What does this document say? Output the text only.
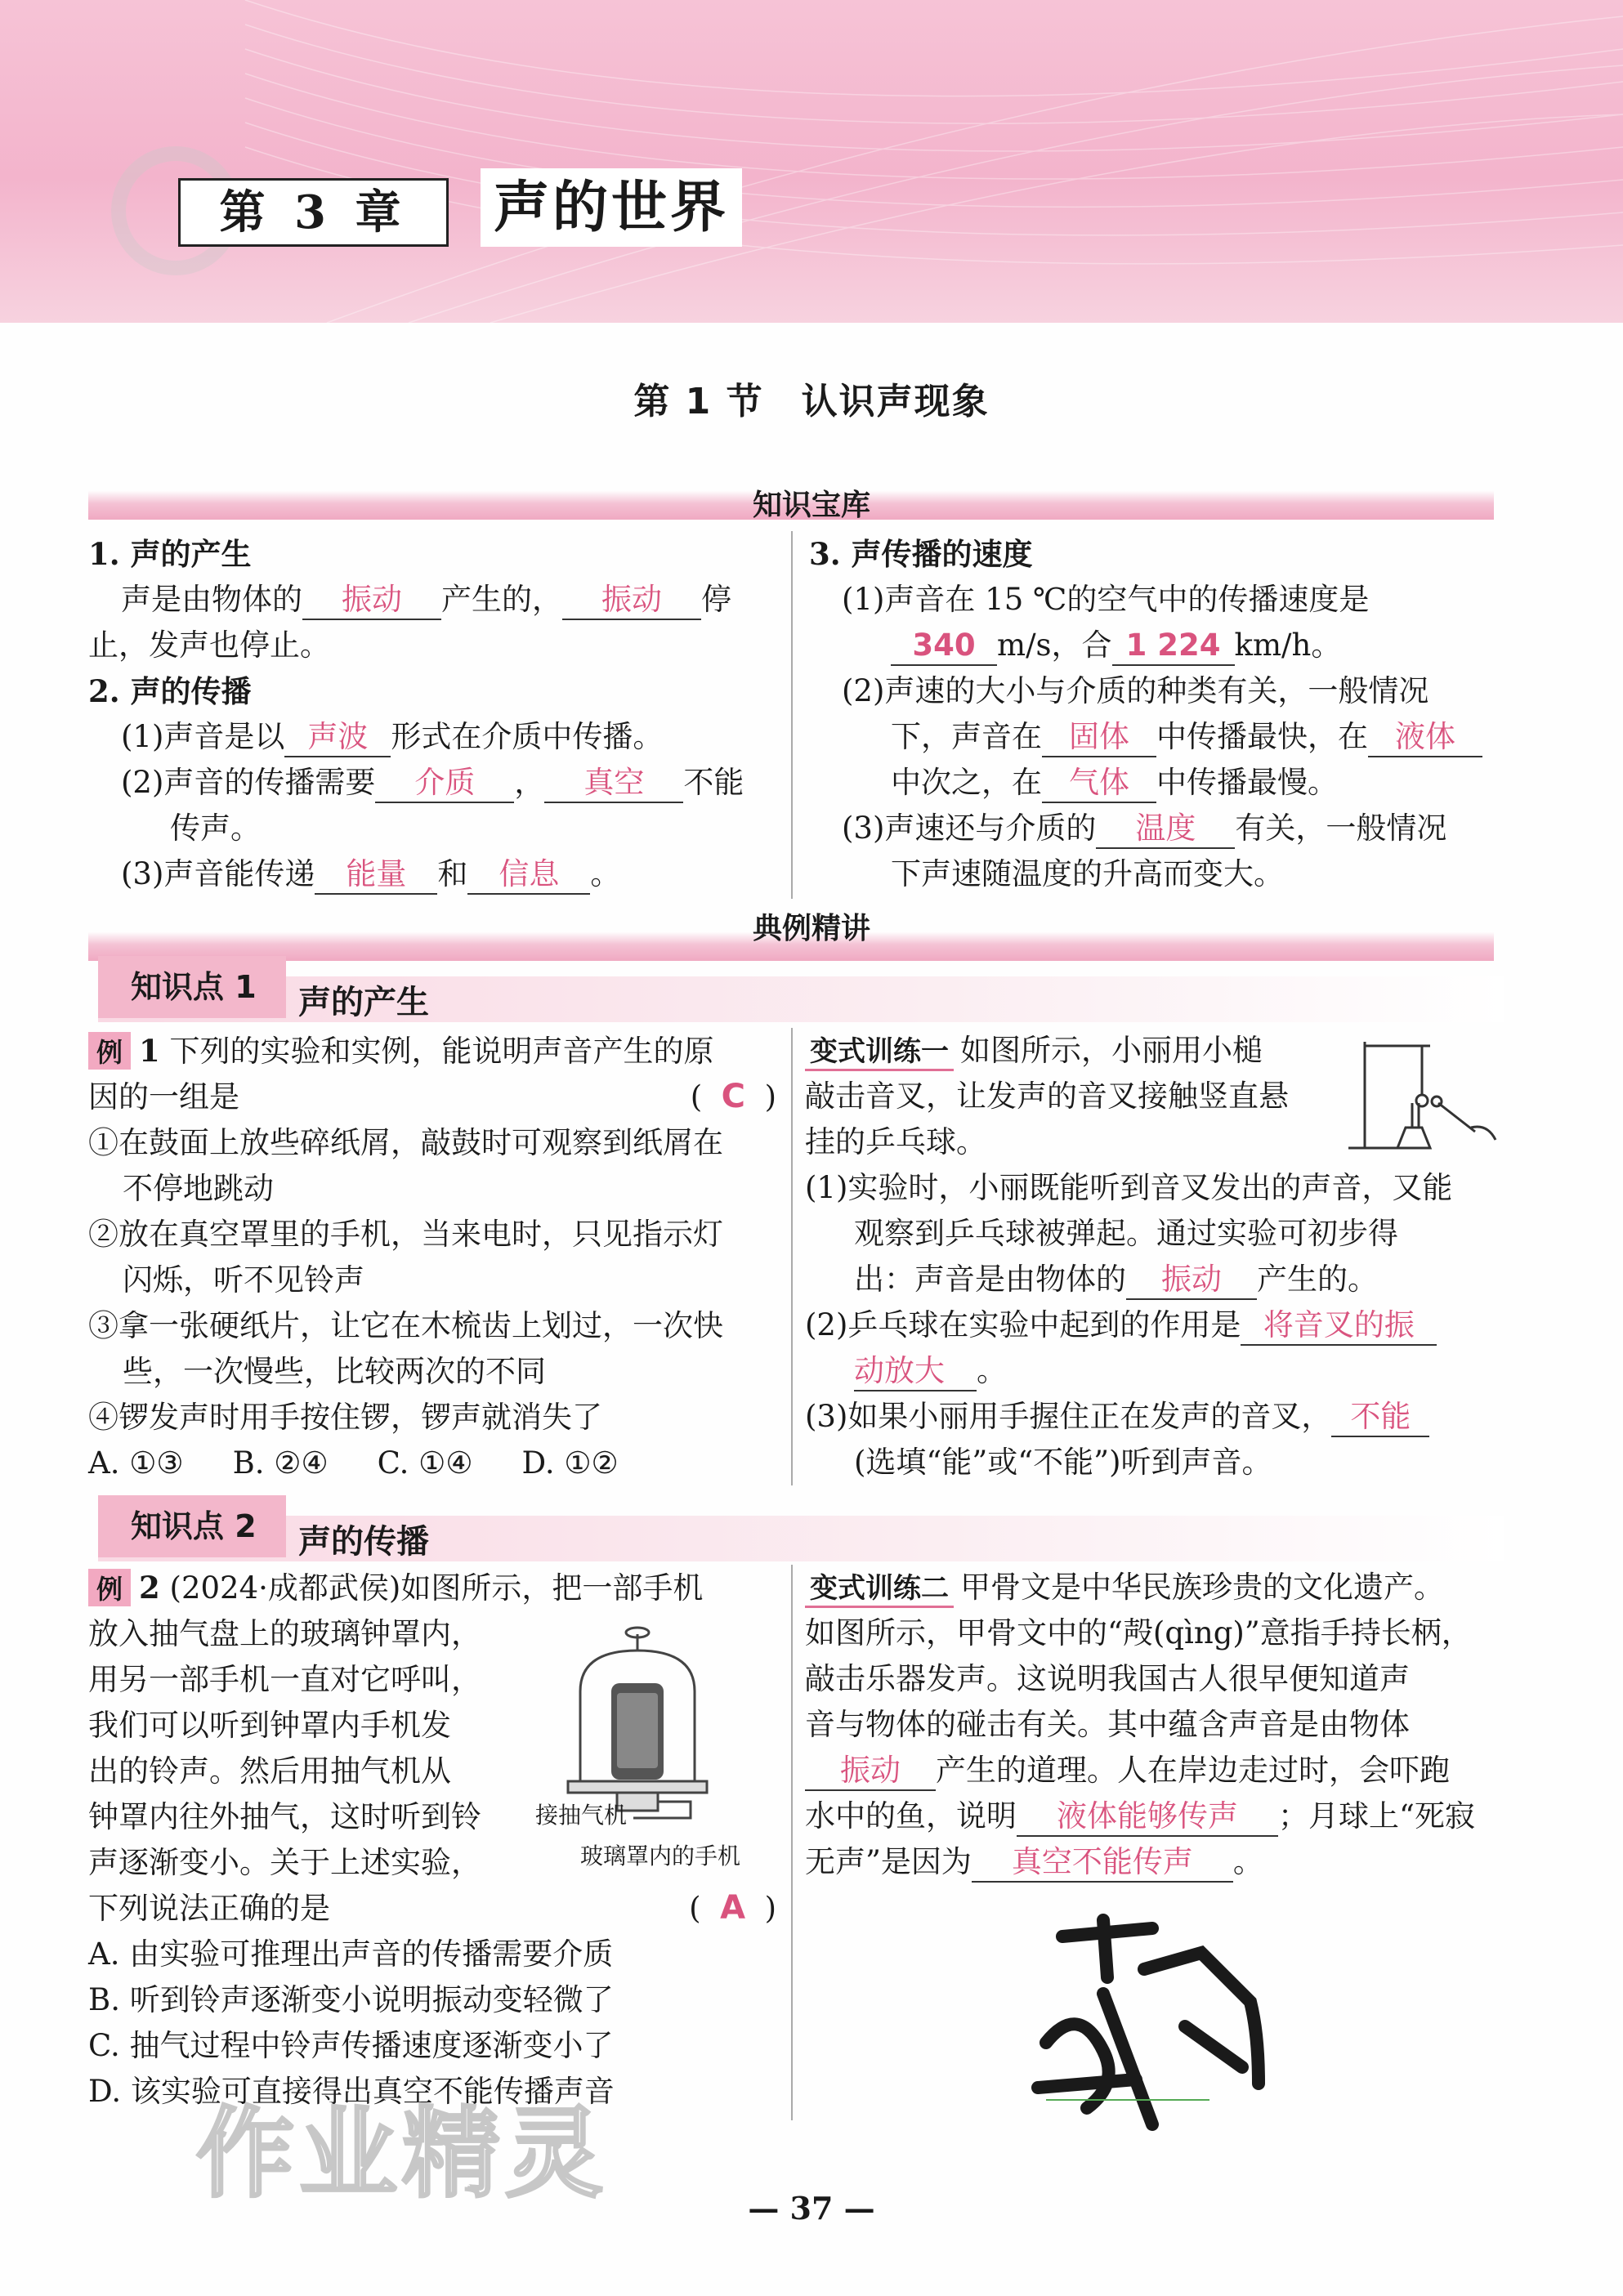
第 3 章	声的世界
第 1 节　认识声现象
知识宝库
1. 声的产生
声是由物体的 振动 产生的， 振动 停
止，发声也停止。
2. 声的传播
(1)声音是以 声波 形式在介质中传播。
(2)声音的传播需要 介质 ， 真空 不能
传声。
(3)声音能传递 能量 和 信息 。
3. 声传播的速度
(1)声音在 15 ℃的空气中的传播速度是
340 m/s，合 1 224 km/h。
(2)声速的大小与介质的种类有关，一般情况
下，声音在 固体 中传播最快，在 液体
中次之，在 气体 中传播最慢。
(3)声速还与介质的 温度 有关，一般情况
下声速随温度的升高而变大。
典例精讲
知识点 1	声的产生
例 1 下列的实验和实例，能说明声音产生的原
因的一组是	( C )
①在鼓面上放些碎纸屑，敲鼓时可观察到纸屑在
不停地跳动
②放在真空罩里的手机，当来电时，只见指示灯
闪烁，听不见铃声
③拿一张硬纸片，让它在木梳齿上划过，一次快
些，一次慢些，比较两次的不同
④锣发声时用手按住锣，锣声就消失了
A. ①③ B. ②④ C. ①④ D. ①②
变式训练一 如图所示，小丽用小槌
敲击音叉，让发声的音叉接触竖直悬
挂的乒乓球。
(1)实验时，小丽既能听到音叉发出的声音，又能
观察到乒乓球被弹起。通过实验可初步得
出：声音是由物体的 振动 产生的。
(2)乒乓球在实验中起到的作用是 将音叉的振
动放大 。
(3)如果小丽用手握住正在发声的音叉， 不能
(选填“能”或“不能”)听到声音。
知识点 2	声的传播
例 2 (2024·成都武侯)如图所示，把一部手机
放入抽气盘上的玻璃钟罩内，
用另一部手机一直对它呼叫，
我们可以听到钟罩内手机发
出的铃声。然后用抽气机从
钟罩内往外抽气，这时听到铃
声逐渐变小。关于上述实验，
下列说法正确的是	( A )
A. 由实验可推理出声音的传播需要介质
B. 听到铃声逐渐变小说明振动变轻微了
C. 抽气过程中铃声传播速度逐渐变小了
D. 该实验可直接得出真空不能传播声音
接抽气机
玻璃罩内的手机
变式训练二 甲骨文是中华民族珍贵的文化遗产。
如图所示，甲骨文中的“殸(qìng)”意指手持长柄，
敲击乐器发声。这说明我国古人很早便知道声
音与物体的碰击有关。其中蕴含声音是由物体
振动 产生的道理。人在岸边走过时，会吓跑
水中的鱼，说明 液体能够传声 ；月球上“死寂
无声”是因为 真空不能传声 。
作业精灵	— 37 —
